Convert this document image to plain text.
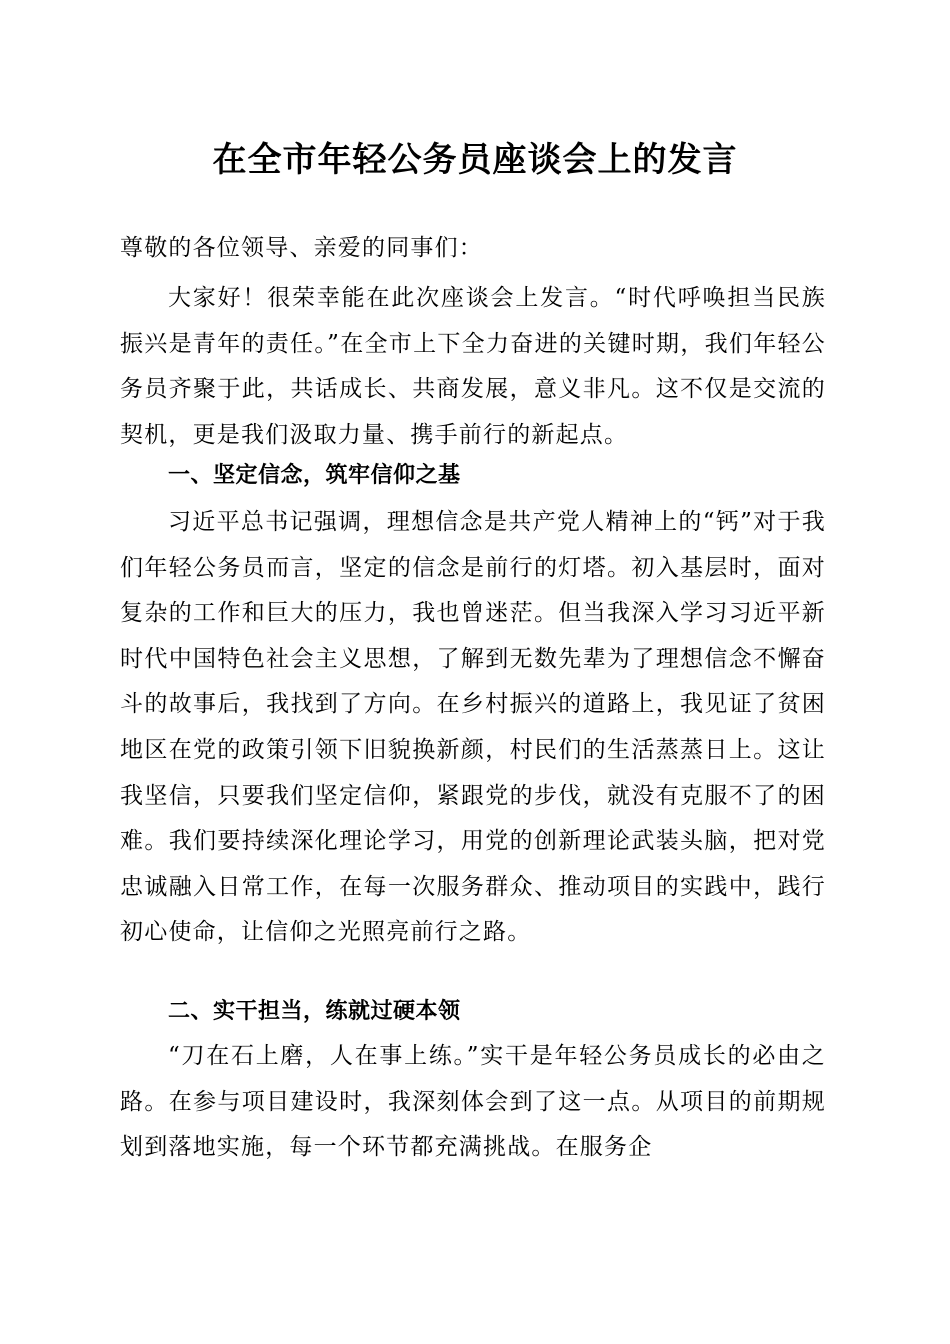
在全市年轻公务员座谈会上的发言

尊敬的各位领导、亲爱的同事们：

大家好！很荣幸能在此次座谈会上发言。“时代呼唤担当民族振兴是青年的责任。”在全市上下全力奋进的关键时期，我们年轻公务员齐聚于此，共话成长、共商发展，意义非凡。这不仅是交流的契机，更是我们汲取力量、携手前行的新起点。

一、坚定信念，筑牢信仰之基

习近平总书记强调，理想信念是共产党人精神上的“钙”对于我们年轻公务员而言，坚定的信念是前行的灯塔。初入基层时，面对复杂的工作和巨大的压力，我也曾迷茫。但当我深入学习习近平新时代中国特色社会主义思想，了解到无数先辈为了理想信念不懈奋斗的故事后，我找到了方向。在乡村振兴的道路上，我见证了贫困地区在党的政策引领下旧貌换新颜，村民们的生活蒸蒸日上。这让我坚信，只要我们坚定信仰，紧跟党的步伐，就没有克服不了的困难。我们要持续深化理论学习，用党的创新理论武装头脑，把对党忠诚融入日常工作，在每一次服务群众、推动项目的实践中，践行初心使命，让信仰之光照亮前行之路。

二、实干担当，练就过硬本领

“刀在石上磨，人在事上练。”实干是年轻公务员成长的必由之路。在参与项目建设时，我深刻体会到了这一点。从项目的前期规划到落地实施，每一个环节都充满挑战。在服务企
